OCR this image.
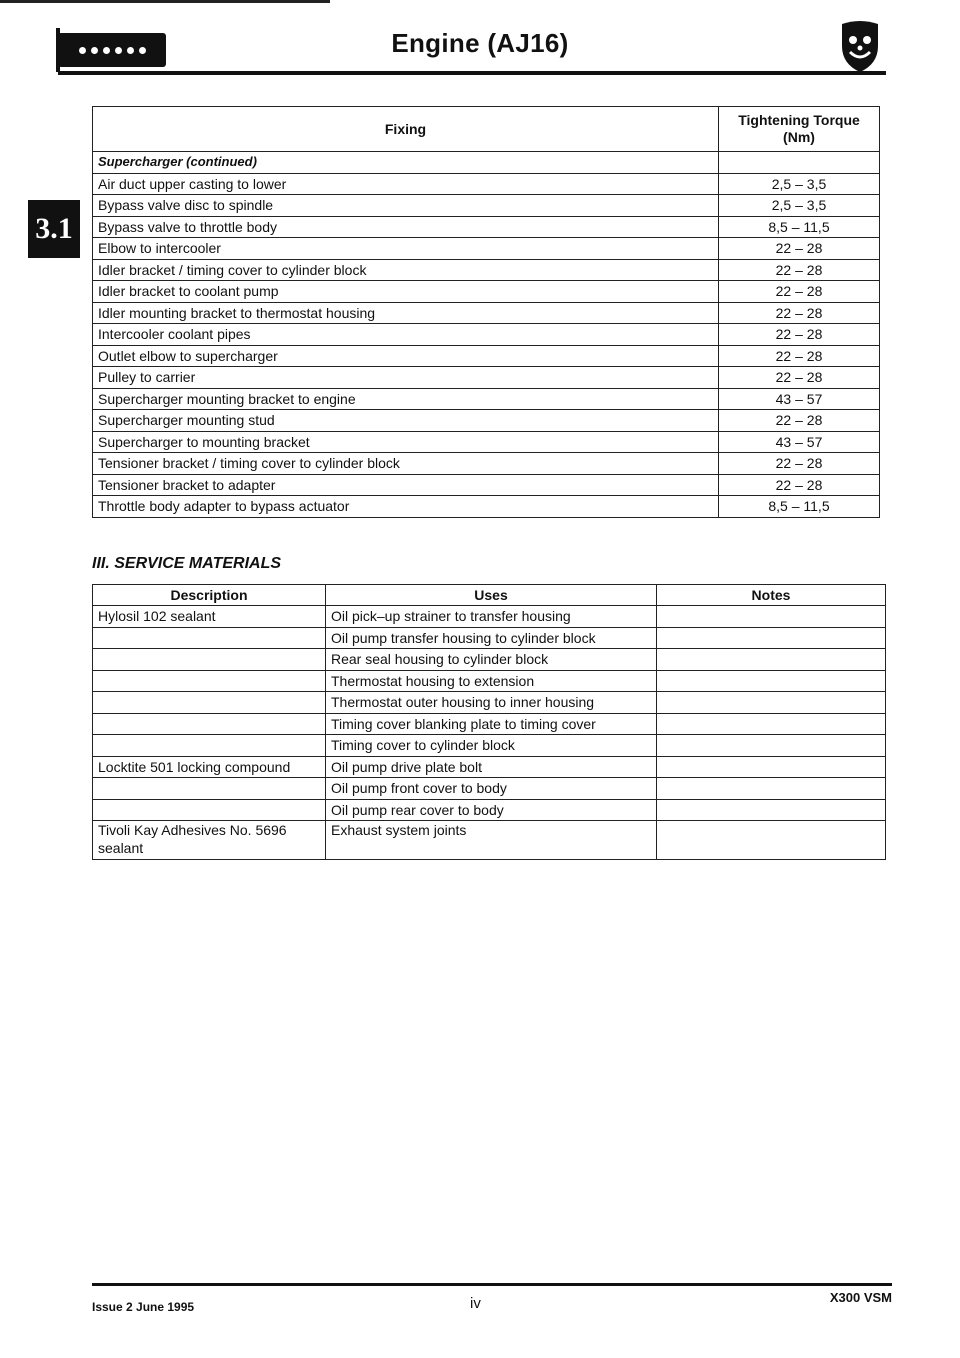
Engine (AJ16)
3.1
Fixing	Tightening Torque (Nm)
Supercharger (continued)	
Air duct upper casting to lower	2,5 – 3,5
Bypass valve disc to spindle	2,5 – 3,5
Bypass valve to throttle body	8,5 – 11,5
Elbow to intercooler	22 – 28
Idler bracket / timing cover to cylinder block	22 – 28
Idler bracket to coolant pump	22 – 28
Idler mounting bracket to thermostat housing	22 – 28
Intercooler coolant pipes	22 – 28
Outlet elbow to supercharger	22 – 28
Pulley to carrier	22 – 28
Supercharger mounting bracket to engine	43 – 57
Supercharger mounting stud	22 – 28
Supercharger to mounting bracket	43 – 57
Tensioner bracket / timing cover to cylinder block	22 – 28
Tensioner bracket to adapter	22 – 28
Throttle body adapter to bypass actuator	8,5 – 11,5
III. SERVICE MATERIALS
Description	Uses	Notes
Hylosil 102 sealant	Oil pick–up strainer to transfer housing	
	Oil pump transfer housing to cylinder block	
	Rear seal housing to cylinder block	
	Thermostat housing to extension	
	Thermostat outer housing to inner housing	
	Timing cover blanking plate to timing cover	
	Timing cover to cylinder block	
Locktite 501 locking compound	Oil pump drive plate bolt	
	Oil pump front cover to body	
	Oil pump rear cover to body	
Tivoli Kay Adhesives No. 5696 sealant	Exhaust system joints	
Issue 2 June 1995	iv	X300 VSM
